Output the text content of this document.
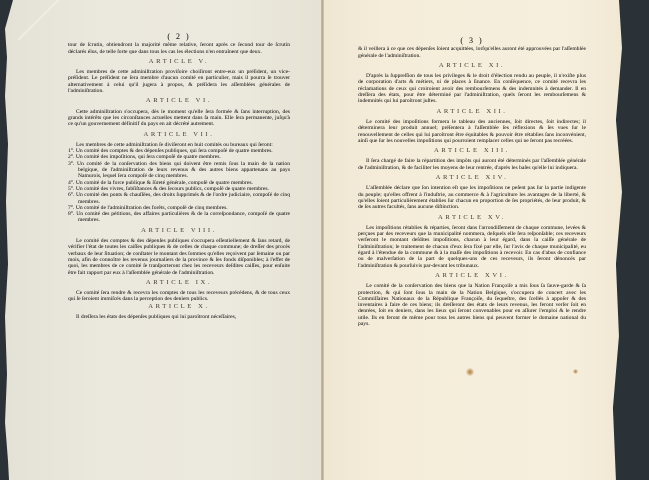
( 2 )

tour de ſcrutin, obtiendront la majorité même relative, ſeront après ce ſecond tour de ſcrutin déclarés élus, de telle ſorte que dans tous les cas les élections n'en entraînent que deux.

ARTICLE V.

Les membres de cette adminiſtration proviſoire choiſiront entre-eux un préſident, un vice-préſident. Le préſident ne ſera membre d'aucun comité en particulier, mais il pourra ſe trouver alternativement à celui qu'il jugera à propos, & préſidera les aſſemblées générales de l'adminiſtration.

ARTICLE VI.

Cette adminiſtration s'occupera, dès le moment qu'elle ſera formée & ſans interruption, des grands intérêts que les circonſtances actuelles mettent dans ſa main. Elle ſera permanente, juſqu'à ce qu'un gouvernement définitif du pays en ait décrété autrement.

ARTICLE VII.

Les membres de cette adminiſtration ſe diviſeront en huit comités ou bureaux qui ſeront:

1°. Un comité des comptes & des dépenſes publiques, qui ſera compoſé de quatre membres.

2°. Un comité des impoſitions, qui ſera compoſé de quatre membres.

3°. Un comité de la conſervation des biens qui doivent être remis ſous la main de la nation belgique, de l'adminiſtration de leurs revenus & des autres biens appartenans au pays Namurois, lequel ſera compoſé de cinq membres.

4°. Un comité de la force publique & ſûreté générale, compoſé de quatre membres.

5°. Un comité des vivres, ſubſiſtances & des ſecours publics, compoſé de quatre membres.

6°. Un comité des ponts & chauſſées, des droits ſupprimés & de l'ordre judiciaire, compoſé de cinq membres.

7°. Un comité de l'adminiſtration des forêts, compoſé de cinq membres.

8°. Un comité des pétitions, des affaires particulières & de la correſpondance, compoſé de quatre membres.

ARTICLE VIII.

Le comité des comptes & des dépenſes publiques s'occupera eſſentiellement & ſans retard, de vérifier l'état de toutes les caiſſes publiques & de celles de chaque commune; de dreſſer des procès verbaux de leur ſituation; de conſtater le montant des ſommes qu'elles reçoivent par ſemaine ou par mois, afin de connoître les revenus journaliers de la province & ſes fonds diſponibles; à l'effet de quoi, les membres de ce comité ſe tranſporteront chez les receveurs deſdites caiſſes, pour enſuite être fait rapport par eux à l'aſſemblée générale de l'adminiſtration.

ARTICLE IX.

Ce comité ſera rendre & recevra les comptes de tous les receveurs précédens, & de tous ceux qui ſe ſeroient immiſcés dans la perception des deniers publics.

ARTICLE X.

Il dreſſera les états des dépenſes publiques qui lui paroîtront néceſſaires,

( 3 )

& il veillera à ce que ces dépenſes ſoient acquittées, lorſqu'elles auront été approuvées par l'aſſemblée générale de l'adminiſtration.

ARTICLE XI.

D'après la ſuppreſſion de tous les privileges & le droit d'élection rendu au peuple, il n'exiſte plus de corporation d'arts & métiers, ni de places à ſinance. En conſéquence, ce comité recevra les réclamations de ceux qui croiroient avoir des rembourſemens & des indemnités à demander. Il en dreſſera des états, pour être déterminé par l'adminiſtration, quels ſeront les rembourſemens & indemnités qui lui paroîtront juſtes.

ARTICLE XII.

Le comité des impoſitions formera le tableau des anciennes, ſoit directes, ſoit indirectes; il déterminera leur produit annuel; préſentera à l'aſſemblée ſes réflexions & ſes vues ſur le renouvellement de celles qui lui paroîtront être équitables & pouvoir être rétablies ſans inconvénient, ainſi que ſur les nouvelles impoſitions qui pourroient remplacer celles qui ne ſeront pas recréées.

ARTICLE XIII.

Il ſera chargé de faire la répartition des impôts qui auront été déterminés par l'aſſemblée générale de l'adminiſtration, & de faciliter les moyens de leur rentrée, d'après les baſes qu'elle lui indiquera.

ARTICLE XIV.

L'aſſemblée déclare que ſon intention eſt que les impoſitions ne peſent pas ſur la partie indigente du peuple; qu'elles offrent à l'induſtrie, au commerce & à l'agriculture les avantages de la liberté, & qu'elles ſoient particulièrement établies ſur chacun en proportion de ſes propriétés, de leur produit, & de ſes autres facultés, ſans aucune diſtinction.

ARTICLE XV.

Les impoſitions rétablies & réparties, ſeront dans l'arrondiſſement de chaque commune, levées & perçues par des receveurs que la municipalité nommera, deſquels elle ſera reſponſable; ces receveurs verſeront le montant deſdites impoſitions, chacun à leur égard, dans la caiſſe générale de l'adminiſtration; le traitement de chacun d'eux ſera fixé par elle, ſur l'avis de chaque municipalité, eu égard à l'étendue de la commune & à la maſſe des impoſitions à recevoir. En cas d'abus de confiance ou de malverſation de la part de quelques-uns de ces receveurs, ils ſeront dénoncés par l'adminiſtration & pourſuivis par-devant les tribunaux.

ARTICLE XVI.

Le comité de la conſervation des biens que la Nation Françoiſe a mis ſous ſa ſauve-garde & ſa protection, & qui ſont ſous la main de la Nation Belgique, s'occupera de concert avec les Commiſſaires Nationaux de la République Françoiſe, du ſequeſtre, des ſcellés à appoſer & des inventaires à faire de ces biens; ils dreſſeront des états de leurs revenus, les feront verſer ſoit en denrées, ſoit en deniers, dans les lieux qui ſeront convenables pour en aſſurer l'emploi & le rendre utile. Ils en feront de même pour tous les autres biens qui peuvent former le domaine national du pays.
